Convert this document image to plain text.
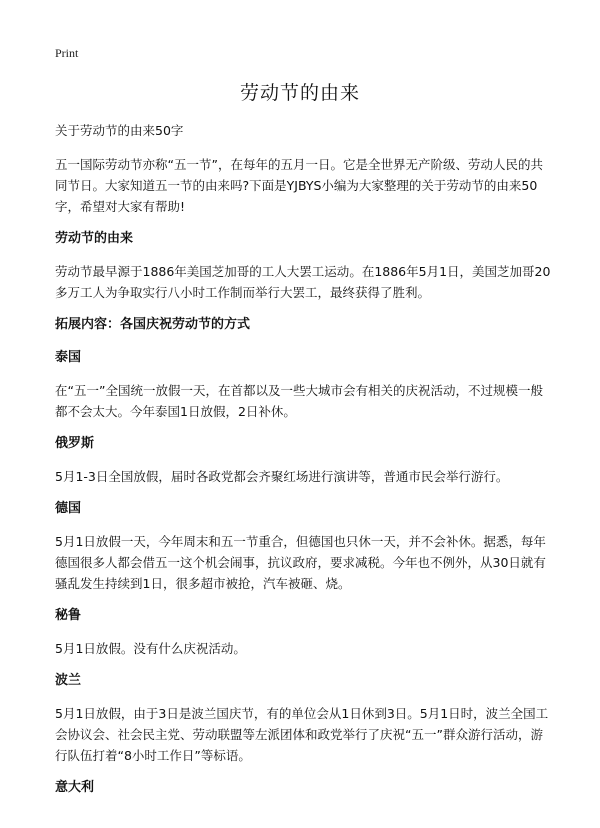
Print
劳动节的由来

关于劳动节的由来50字

五一国际劳动节亦称“五一节”，在每年的五月一日。它是全世界无产阶级、劳动人民的共同节日。大家知道五一节的由来吗?下面是YJBYS小编为大家整理的关于劳动节的由来50字，希望对大家有帮助!

劳动节的由来

劳动节最早源于1886年美国芝加哥的工人大罢工运动。在1886年5月1日，美国芝加哥20多万工人为争取实行八小时工作制而举行大罢工，最终获得了胜利。

拓展内容：各国庆祝劳动节的方式
泰国

在“五一”全国统一放假一天，在首都以及一些大城市会有相关的庆祝活动，不过规模一般都不会太大。今年泰国1日放假，2日补休。

俄罗斯

5月1-3日全国放假，届时各政党都会齐聚红场进行演讲等，普通市民会举行游行。

德国

5月1日放假一天，今年周末和五一节重合，但德国也只休一天，并不会补休。据悉，每年德国很多人都会借五一这个机会闹事，抗议政府，要求减税。今年也不例外，从30日就有骚乱发生持续到1日，很多超市被抢，汽车被砸、烧。

秘鲁

5月1日放假。没有什么庆祝活动。

波兰

5月1日放假，由于3日是波兰国庆节，有的单位会从1日休到3日。5月1日时，波兰全国工会协议会、社会民主党、劳动联盟等左派团体和政党举行了庆祝“五一”群众游行活动，游行队伍打着“8小时工作日”等标语。

意大利
